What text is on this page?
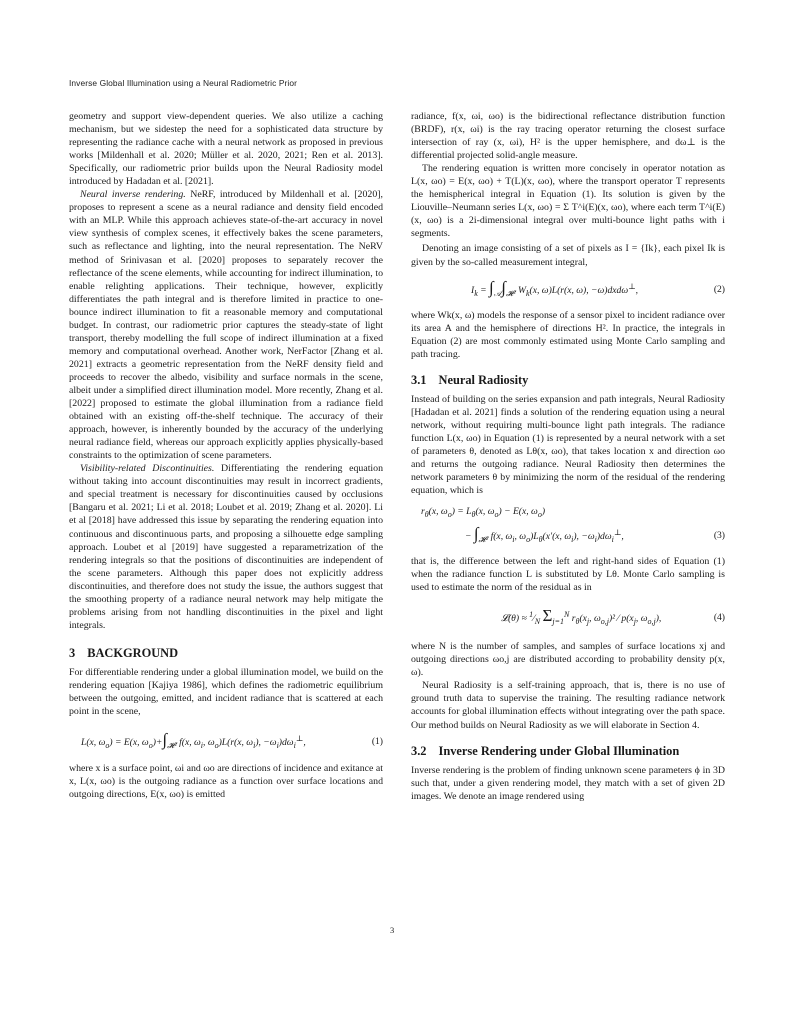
Inverse Global Illumination using a Neural Radiometric Prior

geometry and support view-dependent queries. We also utilize a caching mechanism, but we sidestep the need for a sophisticated data structure by representing the radiance cache with a neural network as proposed in previous works [Mildenhall et al. 2020; Müller et al. 2020, 2021; Ren et al. 2013]. Specifically, our radiometric prior builds upon the Neural Radiosity model introduced by Hadadan et al. [2021].

Neural inverse rendering. NeRF, introduced by Mildenhall et al. [2020], proposes to represent a scene as a neural radiance and density field encoded with an MLP. While this approach achieves state-of-the-art accuracy in novel view synthesis of complex scenes, it effectively bakes the scene parameters, such as reflectance and lighting, into the neural representation. The NeRV method of Srinivasan et al. [2020] proposes to separately recover the reflectance of the scene elements, while accounting for indirect illumination, to enable relighting applications. Their technique, however, explicitly differentiates the path integral and is therefore limited in practice to one-bounce indirect illumination to fit a reasonable memory and computational budget. In contrast, our radiometric prior captures the steady-state of light transport, thereby modelling the full scope of indirect illumination at a fixed memory and computational overhead. Another work, NerFactor [Zhang et al. 2021] extracts a geometric representation from the NeRF density field and proceeds to recover the albedo, visibility and surface normals in the scene, albeit under a simplified direct illumination model. More recently, Zhang et al. [2022] proposed to estimate the global illumination from a radiance field obtained with an existing off-the-shelf technique. The accuracy of their approach, however, is inherently bounded by the accuracy of the underlying neural radiance field, whereas our approach explicitly applies physically-based constraints to the optimization of scene parameters.

Visibility-related Discontinuities. Differentiating the rendering equation without taking into account discontinuities may result in incorrect gradients, and special treatment is necessary for discontinuities caused by occlusions [Bangaru et al. 2021; Li et al. 2018; Loubet et al. 2019; Zhang et al. 2020]. Li et al [2018] have addressed this issue by separating the rendering equation into continuous and discontinuous parts, and proposing a silhouette edge sampling approach. Loubet et al [2019] have suggested a reparametrization of the rendering integrals so that the positions of discontinuities are independent of the scene parameters. Although this paper does not explicitly address discontinuities, and therefore does not study the issue, the authors suggest that the smoothing property of a radiance neural network may help mitigate the problems arising from not handling discontinuities in the pixel and light integrals.

3 BACKGROUND

For differentiable rendering under a global illumination model, we build on the rendering equation [Kajiya 1986], which defines the radiometric equilibrium between the outgoing, emitted, and incident radiance that is scattered at each point in the scene,

L(x, $\omega_o) = E(x$, $\omega_o)+\int_{𝓗^2}$ f(x, $\omega_i$, $\omega_o)L(r(x$, $\omega_i$), $-\omega_i)d\omega_i^\perp$,	(1)

where x is a surface point, ωi and ωo are directions of incidence and exitance at x, L(x, ωo) is the outgoing radiance as a function over surface locations and outgoing directions, E(x, ωo) is emitted

radiance, f(x, ωi, ωo) is the bidirectional reflectance distribution function (BRDF), r(x, ωi) is the ray tracing operator returning the closest surface intersection of ray (x, ωi), H² is the upper hemisphere, and dω⊥ is the differential projected solid-angle measure.

The rendering equation is written more concisely in operator notation as L(x, ωo) = E(x, ωo) + T(L)(x, ωo), where the transport operator T represents the hemispherical integral in Equation (1). Its solution is given by the Liouville–Neumann series L(x, ωo) = Σ T^i(E)(x, ωo), where each term T^i(E)(x, ωo) is a 2i-dimensional integral over multi-bounce light paths with i segments.

Denoting an image consisting of a set of pixels as I = {Ik}, each pixel Ik is given by the so-called measurement integral,

$I_k = \int_𝒜\int_{𝓗^2}$ $W_k(x$, ω)L(r(x, ω), −ω)dxdω⊥,	(2)

where Wk(x, ω) models the response of a sensor pixel to incident radiance over its area A and the hemisphere of directions H². In practice, the integrals in Equation (2) are most commonly estimated using Monte Carlo sampling and path tracing.

3.1 Neural Radiosity

Instead of building on the series expansion and path integrals, Neural Radiosity [Hadadan et al. 2021] finds a solution of the rendering equation using a neural network, without requiring multi-bounce light path integrals. The radiance function L(x, ωo) in Equation (1) is represented by a neural network with a set of parameters θ, denoted as Lθ(x, ωo), that takes location x and direction ωo and returns the outgoing radiance. Neural Radiosity then determines the network parameters θ by minimizing the norm of the residual of the rendering equation, which is

$r_\theta(x$, $\omega_o) = L_\theta(x$, $\omega_o) - E(x$, $\omega_o$)
− $\int_{𝓗^2}$ f(x, $\omega_i$, $\omega_o)L_\theta(x'(x$, $\omega_i$), $-\omega_i)d\omega_i^\perp$,	(3)

that is, the difference between the left and right-hand sides of Equation (1) when the radiance function L is substituted by Lθ. Monte Carlo sampling is used to estimate the norm of the residual as in

𝓛(θ) ≈ $^1⁄_N$ $\Sigma_{j=1}^N$ $r_\theta(x_j$, $\omega_{o,j})^2$ ⁄ $p(x_j$, $\omega_{o,j}$),	(4)

where N is the number of samples, and samples of surface locations xj and outgoing directions ωo,j are distributed according to probability density p(x, ω).

Neural Radiosity is a self-training approach, that is, there is no use of ground truth data to supervise the training. The resulting radiance network accounts for global illumination effects without integrating over the path space. Our method builds on Neural Radiosity as we will elaborate in Section 4.

3.2 Inverse Rendering under Global Illumination

Inverse rendering is the problem of finding unknown scene parameters ϕ in 3D such that, under a given rendering model, they match with a set of given 2D images. We denote an image rendered using

3
